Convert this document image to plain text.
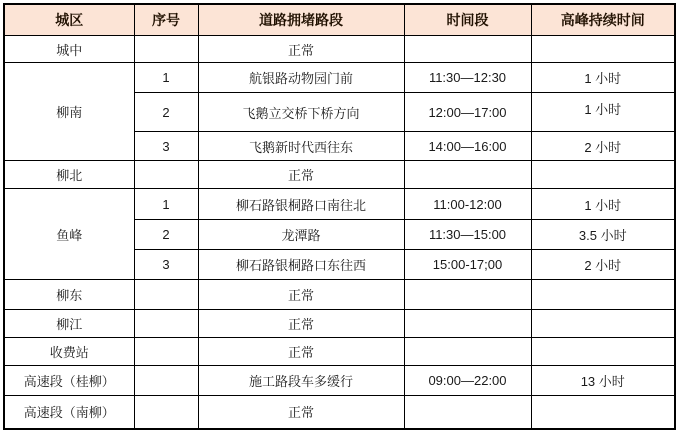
城区	序号	道路拥堵路段	时间段	高峰持续时间
城中		正常		
柳南	1	航银路动物园门前	11:30—12:30	1 小时
	2	飞鹅立交桥下桥方向	12:00—17:00	1 小时
	3	飞鹅新时代西往东	14:00—16:00	2 小时
柳北		正常		
鱼峰	1	柳石路银桐路口南往北	11:00-12:00	1 小时
	2	龙潭路	11:30—15:00	3.5 小时
	3	柳石路银桐路口东往西	15:00-17;00	2 小时
柳东		正常		
柳江		正常		
收费站		正常		
高速段（桂柳）		施工路段车多缓行	09:00—22:00	13 小时
高速段（南柳）		正常		
